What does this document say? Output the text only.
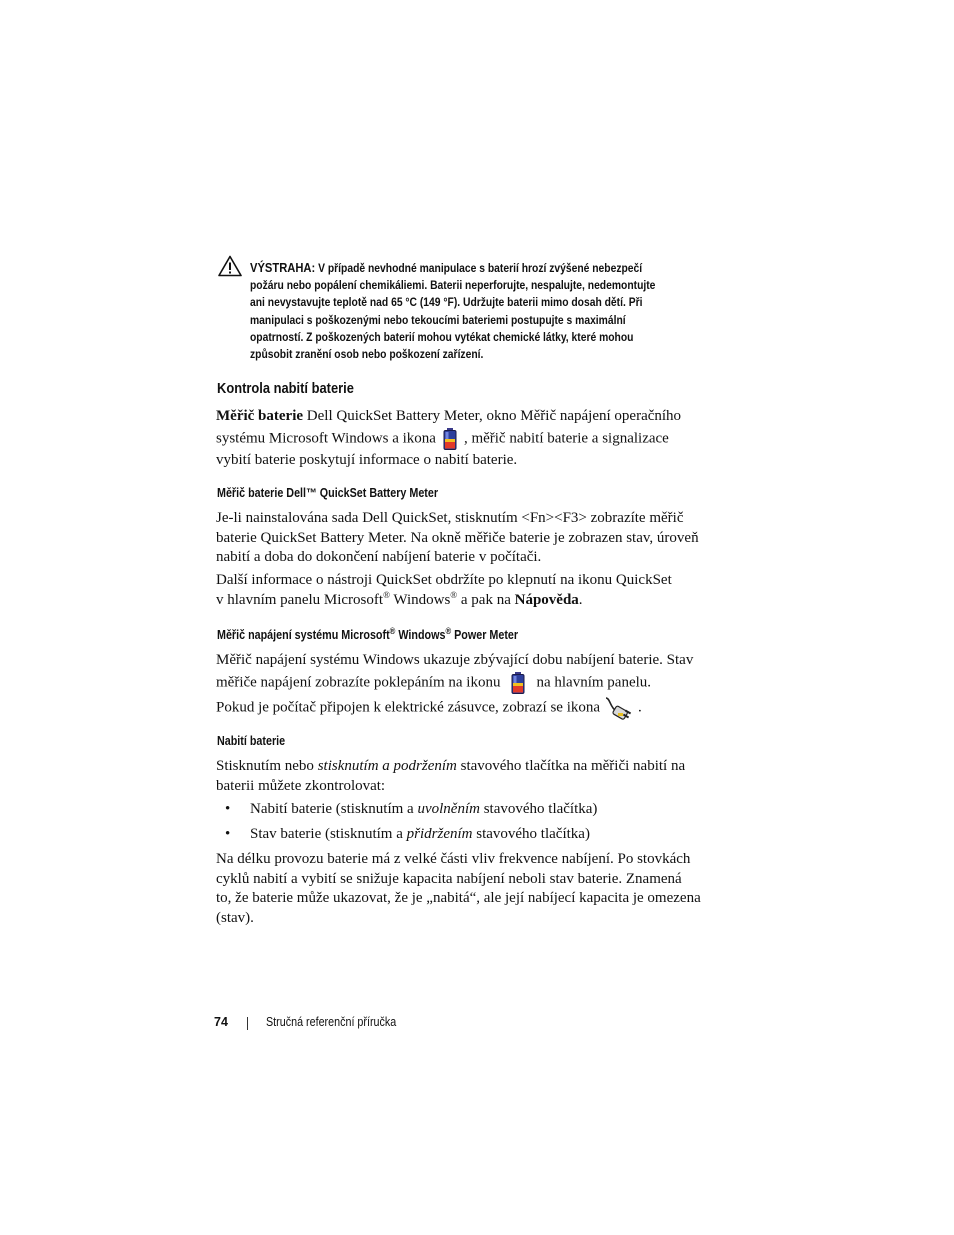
VÝSTRAHA: V případě nevhodné manipulace s baterií hrozí zvýšené nebezpečí
požáru nebo popálení chemikáliemi. Baterii neperforujte, nespalujte, nedemontujte
ani nevystavujte teplotě nad 65 °C (149 °F). Udržujte baterii mimo dosah dětí. Při
manipulaci s poškozenými nebo tekoucími bateriemi postupujte s maximální
opatrností. Z poškozených baterií mohou vytékat chemické látky, které mohou
způsobit zranění osob nebo poškození zařízení.
Kontrola nabití baterie
Měřič baterie Dell QuickSet Battery Meter, okno Měřič napájení operačního
systému Microsoft Windows a ikona , měřič nabití baterie a signalizace
vybití baterie poskytují informace o nabití baterie.
Měřič baterie Dell™ QuickSet Battery Meter
Je-li nainstalována sada Dell QuickSet, stisknutím <Fn><F3> zobrazíte měřič
baterie QuickSet Battery Meter. Na okně měřiče baterie je zobrazen stav, úroveň
nabití a doba do dokončení nabíjení baterie v počítači.
Další informace o nástroji QuickSet obdržíte po klepnutí na ikonu QuickSet
v hlavním panelu Microsoft® Windows® a pak na Nápověda.
Měřič napájení systému Microsoft® Windows® Power Meter
Měřič napájení systému Windows ukazuje zbývající dobu nabíjení baterie. Stav
měřiče napájení zobrazíte poklepáním na ikonu na hlavním panelu.
Pokud je počítač připojen k elektrické zásuvce, zobrazí se ikona	.
Nabití baterie
Stisknutím nebo stisknutím a podržením stavového tlačítka na měřiči nabití na
baterii můžete zkontrolovat:
• Nabití baterie (stisknutím a uvolněním stavového tlačítka)
• Stav baterie (stisknutím a přidržením stavového tlačítka)
Na délku provozu baterie má z velké části vliv frekvence nabíjení. Po stovkách
cyklů nabití a vybití se snižuje kapacita nabíjení neboli stav baterie. Znamená
to, že baterie může ukazovat, že je „nabitá“, ale její nabíjecí kapacita je omezena
(stav).
74	Stručná referenční příručka
